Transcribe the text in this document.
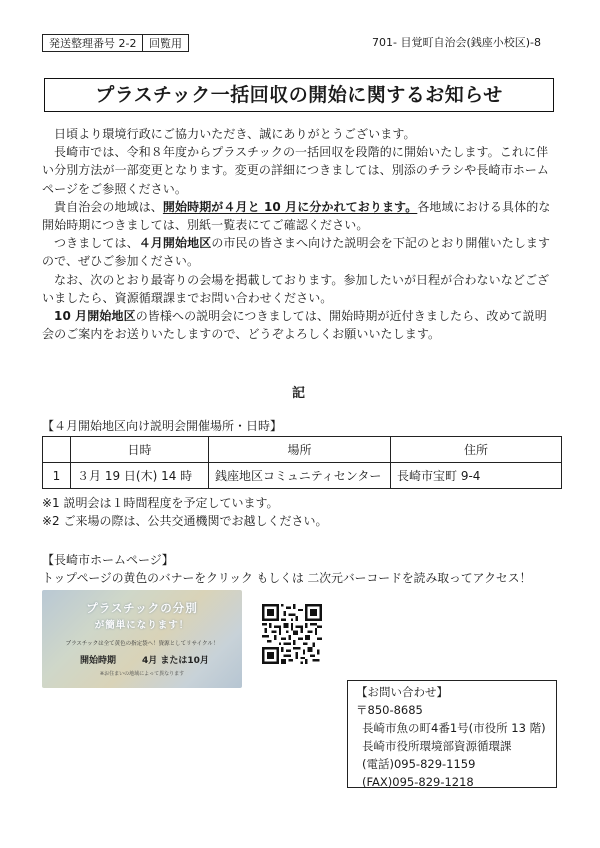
発送整理番号 2-2	回覧用	701- 目覚町自治会(銭座小校区)-8
プラスチック一括回収の開始に関するお知らせ

日頃より環境行政にご協力いただき、誠にありがとうございます。

長崎市では、令和８年度からプラスチックの一括回収を段階的に開始いたします。これに伴い分別方法が一部変更となります。変更の詳細につきましては、別添のチラシや長崎市ホームページをご参照ください。

貴自治会の地域は、開始時期が４月と 10 月に分かれております。各地域における具体的な開始時期につきましては、別紙一覧表にてご確認ください。

つきましては、４月開始地区の市民の皆さまへ向けた説明会を下記のとおり開催いたしますので、ぜひご参加ください。

なお、次のとおり最寄りの会場を掲載しております。参加したいが日程が合わないなどございましたら、資源循環課までお問い合わせください。

10 月開始地区の皆様への説明会につきましては、開始時期が近付きましたら、改めて説明会のご案内をお送りいたしますので、どうぞよろしくお願いいたします。

記
【４月開始地区向け説明会開催場所・日時】
	日時	場所	住所
1	３月 19 日(木) 14 時	銭座地区コミュニティセンター	長崎市宝町 9-4
※1 説明会は１時間程度を予定しています。
※2 ご来場の際は、公共交通機関でお越しください。
【長崎市ホームページ】
トップページの黄色のバナーをクリック もしくは 二次元バーコードを読み取ってアクセス！
プラスチックの分別
が簡単になります！
プラスチックは全て黄色の指定袋へ！資源としてリサイクル！
開始時期	4月 または10月
※お住まいの地域によって異なります
【お問い合わせ】
〒850-8685
長崎市魚の町4番1号(市役所 13 階)
長崎市役所環境部資源循環課
(電話)095-829-1159
(FAX)095-829-1218
